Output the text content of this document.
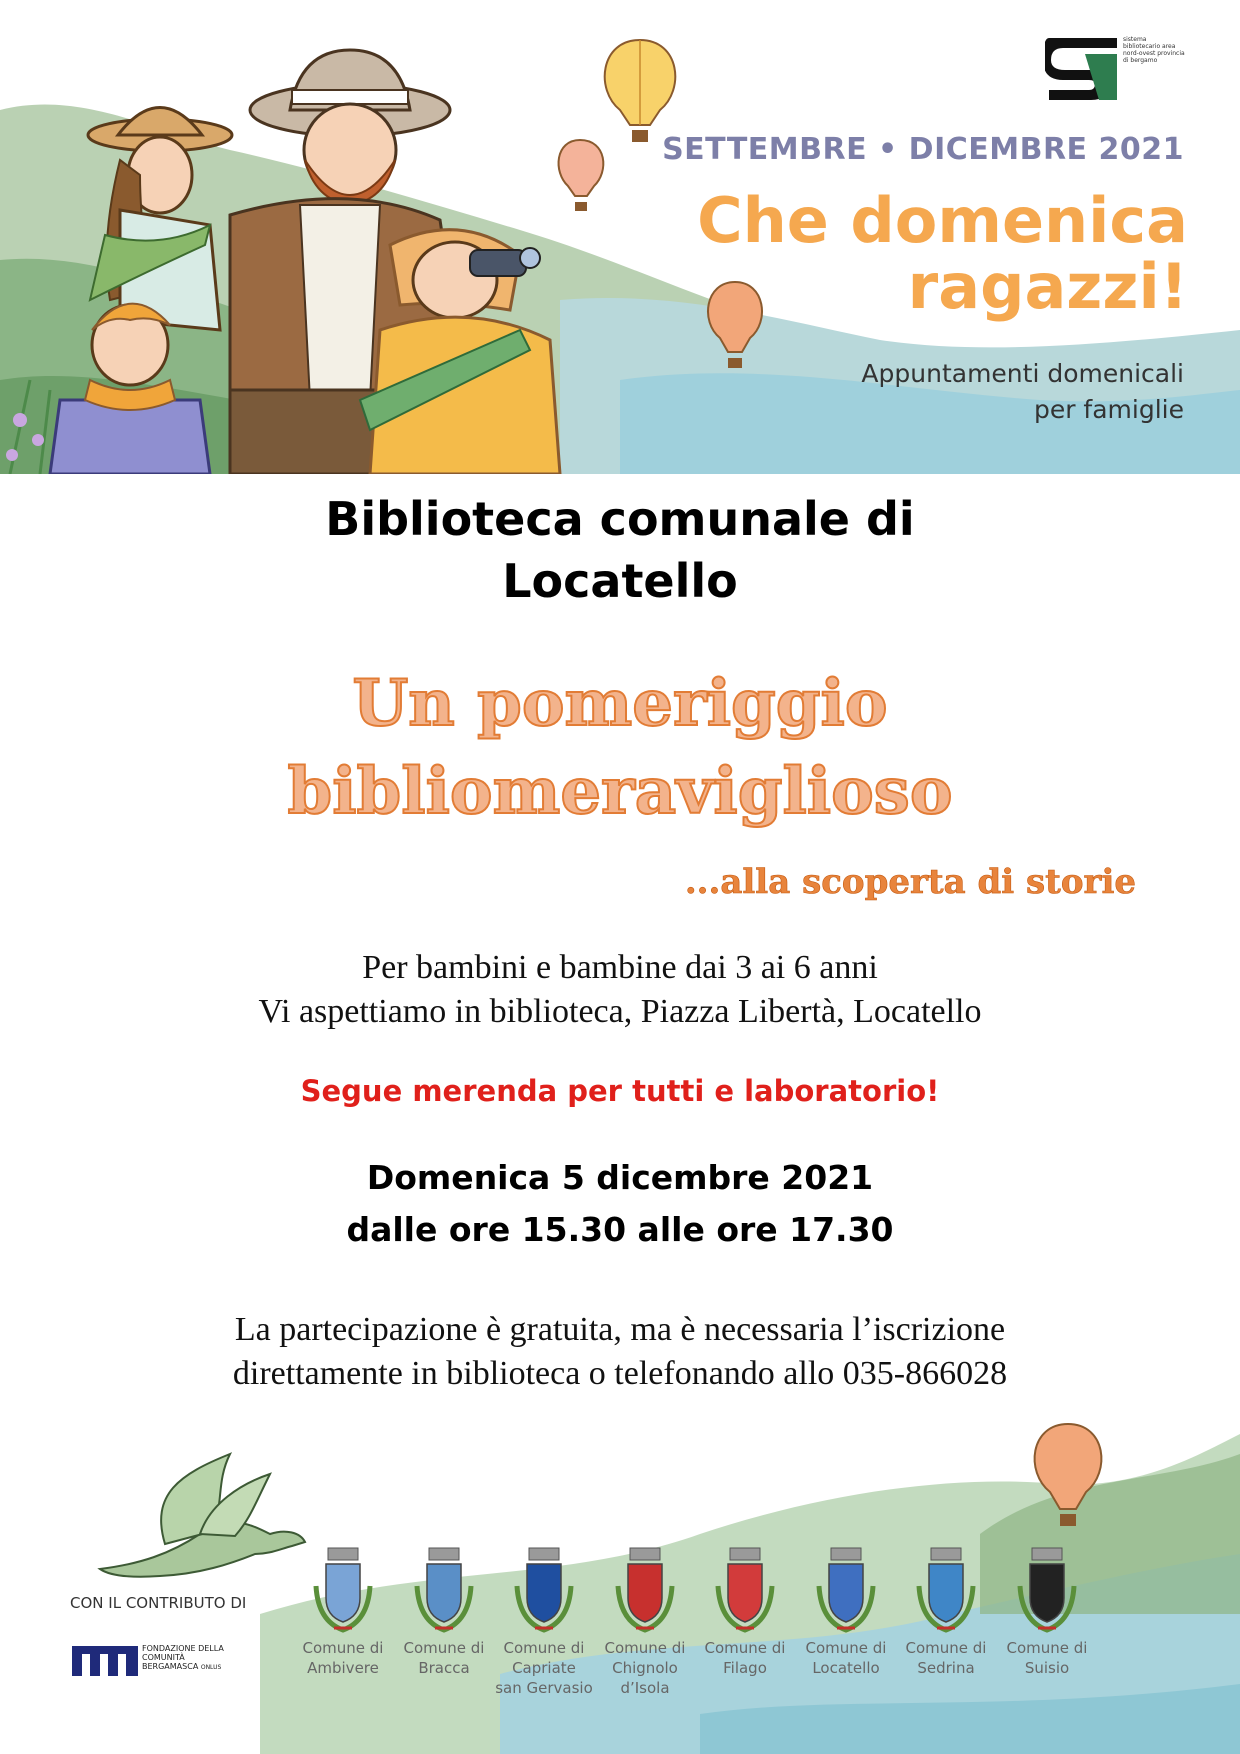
sistema bibliotecario area nord-ovest provincia di bergamo
SETTEMBRE • DICEMBRE 2021
Che domenica
ragazzi!
Appuntamenti domenicali
per famiglie
Biblioteca comunale di
Locatello
Un pomeriggio
bibliomeraviglioso
...alla scoperta di storie
Per bambini e bambine dai 3 ai 6 anni
Vi aspettiamo in biblioteca, Piazza Libertà, Locatello
Segue merenda per tutti e laboratorio!
Domenica 5 dicembre 2021
dalle ore 15.30 alle ore 17.30
La partecipazione è gratuita, ma è necessaria l’iscrizione
direttamente in biblioteca o telefonando allo 035-866028
CON IL CONTRIBUTO DI
FONDAZIONE DELLA
COMUNITÀ
BERGAMASCA ONLUS
Comune di
Ambivere
Comune di
Bracca
Comune di
Capriate
san Gervasio
Comune di
Chignolo
d’Isola
Comune di
Filago
Comune di
Locatello
Comune di
Sedrina
Comune di
Suisio
